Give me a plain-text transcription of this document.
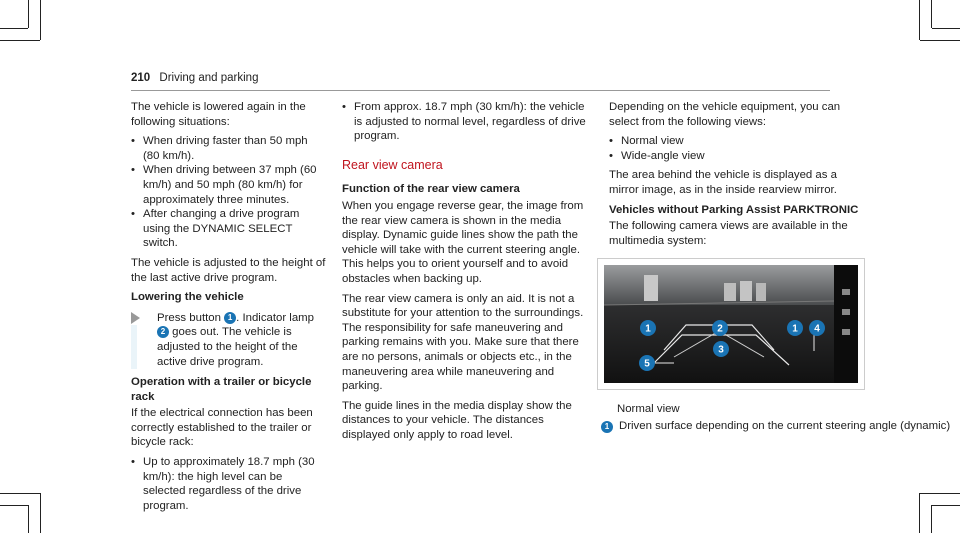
210 Driving and parking

The vehicle is lowered again in the following situations:

• When driving faster than 50 mph (80 km/h).
• When driving between 37 mph (60 km/h) and 50 mph (80 km/h) for approximately three minutes.
• After changing a drive program using the DYNAMIC SELECT switch.

The vehicle is adjusted to the height of the last active drive program.

Lowering the vehicle
Press button 1 . Indicator lamp 2 goes out. The vehicle is adjusted to the height of the active drive program.
Operation with a trailer or bicycle rack

If the electrical connection has been correctly established to the trailer or bicycle rack:

• Up to approximately 18.7 mph (30 km/h): the high level can be selected regardless of the drive program.
• From approx. 18.7 mph (30 km/h): the vehicle is adjusted to normal level, regardless of drive program.
Rear view camera
Function of the rear view camera

When you engage reverse gear, the image from the rear view camera is shown in the media display. Dynamic guide lines show the path the vehicle will take with the current steering angle. This helps you to orient yourself and to avoid obstacles when backing up.

The rear view camera is only an aid. It is not a substitute for your attention to the surroundings. The responsibility for safe maneuvering and parking remains with you. Make sure that there are no persons, animals or objects etc., in the maneuvering area while maneuvering and parking.

The guide lines in the media display show the distances to your vehicle. The distances displayed only apply to road level.

Depending on the vehicle equipment, you can select from the following views:

• Normal view
• Wide-angle view

The area behind the vehicle is displayed as a mirror image, as in the inside rearview mirror.

Vehicles without Parking Assist PARKTRONIC

The following camera views are available in the multimedia system:

1	2	1 4
3
5

Normal view

1 Driven surface depending on the current steering angle (dynamic)
